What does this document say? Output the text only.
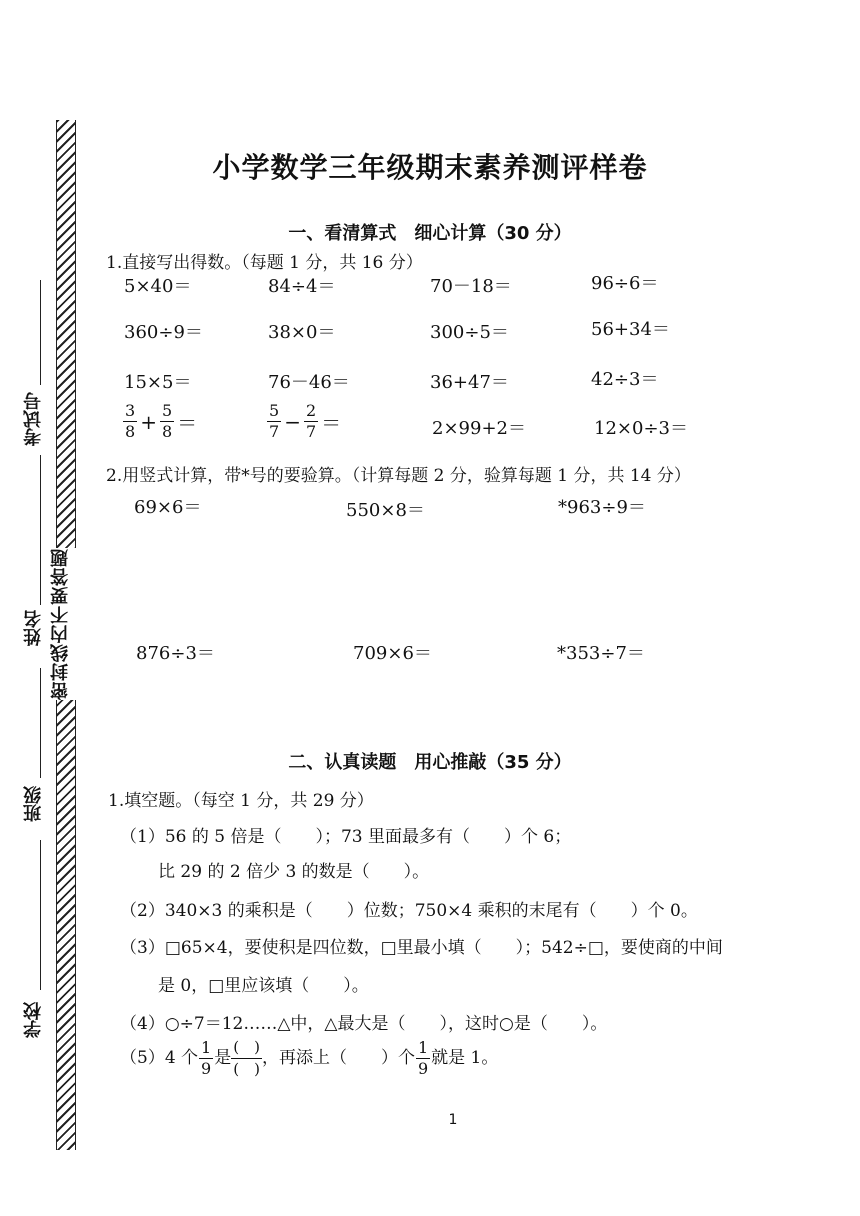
密封线内不要答题
考试号
姓名
班级
学校
小学数学三年级期末素养测评样卷
一、看清算式　细心计算（30 分）
1.直接写出得数。（每题 1 分，共 16 分）
5×40＝	84÷4＝	70－18＝	96÷6＝
360÷9＝	38×0＝	300÷5＝	56+34＝
15×5＝	76－46＝	36+47＝	42÷3＝
$\frac{3}{8} + \frac{5}{8}$ ＝	$\frac{5}{7} - \frac{2}{7}$ ＝	2×99+2＝	12×0÷3＝
2.用竖式计算，带*号的要验算。（计算每题 2 分，验算每题 1 分，共 14 分）
69×6＝	550×8＝	*963÷9＝
876÷3＝	709×6＝	*353÷7＝
二、认真读题　用心推敲（35 分）
1.填空题。（每空 1 分，共 29 分）
（1）56 的 5 倍是（　　）；73 里面最多有（　　）个 6；
比 29 的 2 倍少 3 的数是（　　）。
（2）340×3 的乘积是（　　）位数；750×4 乘积的末尾有（　　）个 0。
（3）□65×4，要使积是四位数，□里最小填（　　）；542÷□，要使商的中间
是 0，□里应该填（　　）。
（4）○÷7＝12……△中，△最大是（　　），这时○是（　　）。
（5）4 个 $\frac{1}{9}$ 是 $\frac{( )}{( )}$ ，再添上（　　）个 $\frac{1}{9}$ 就是 1。
1
